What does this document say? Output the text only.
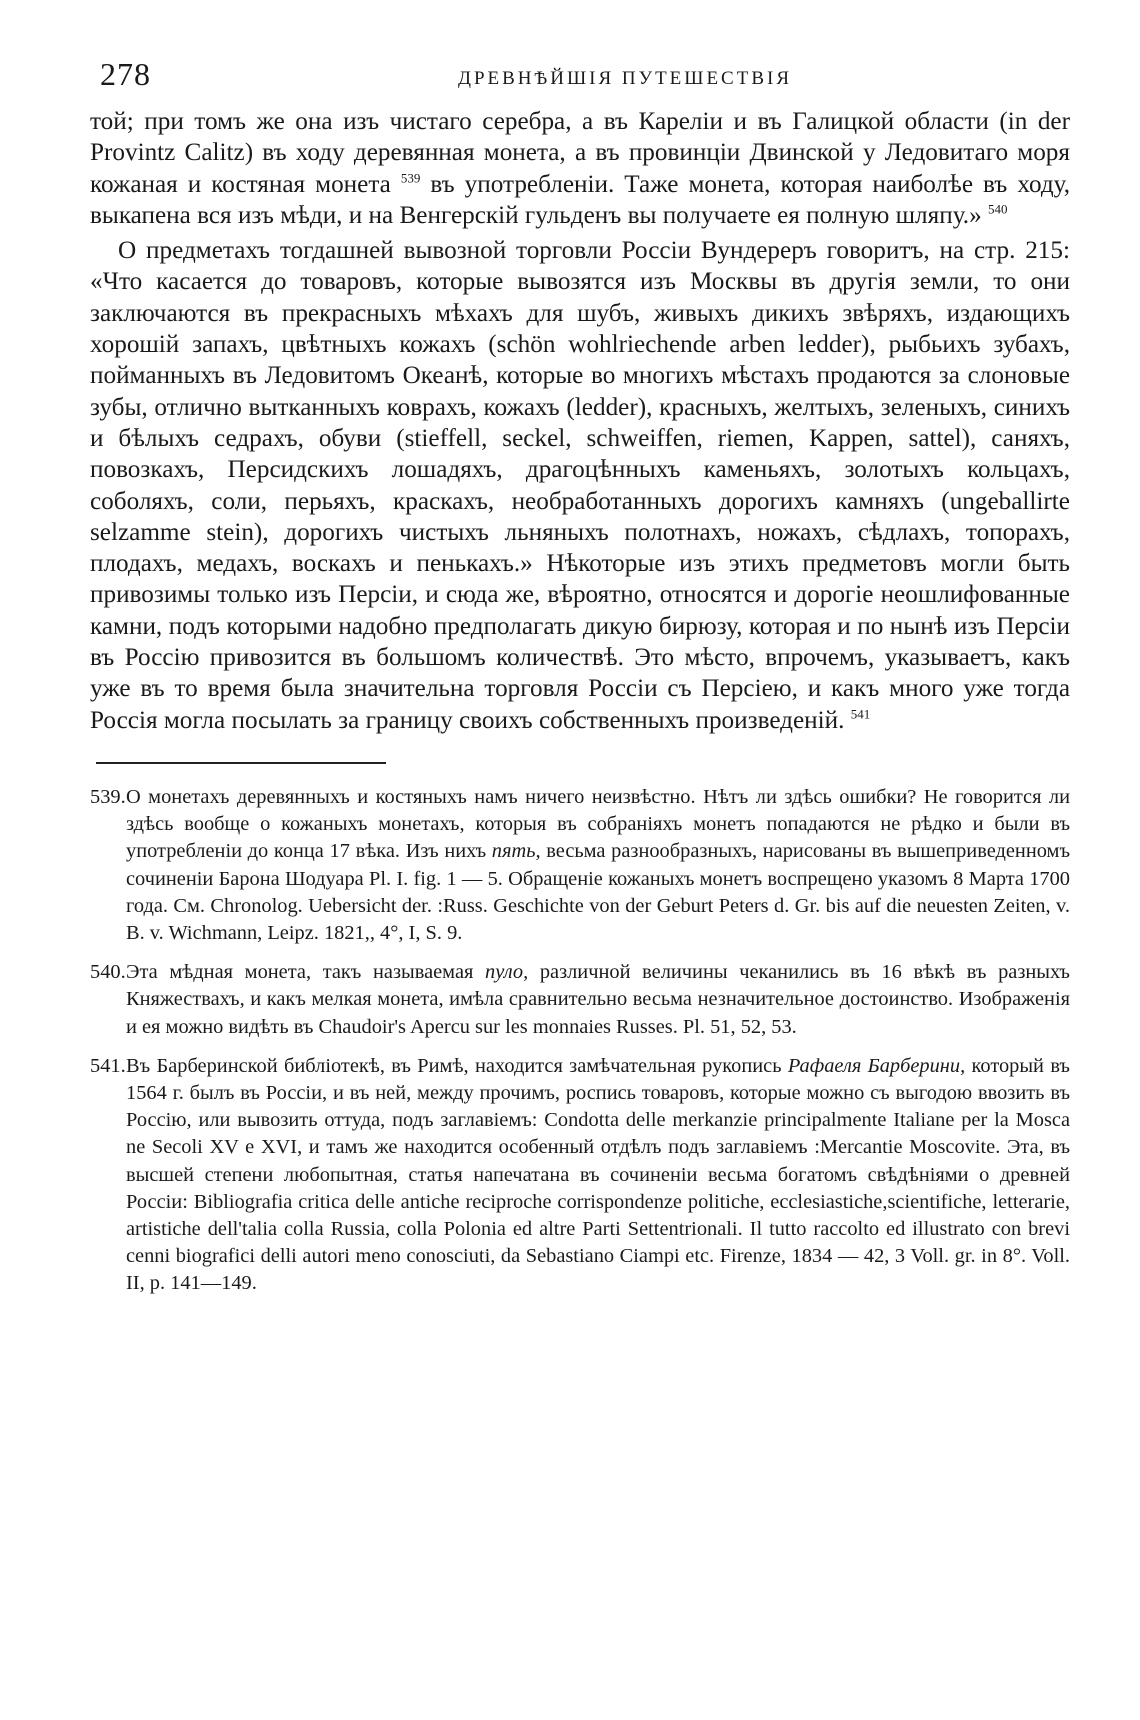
278	ДРЕВНѢЙШІЯ ПУТЕШЕСТВІЯ

той; при томъ же она изъ чистаго серебра, а въ Кареліи и въ Галицкой области (in der Provintz Calitz) въ ходу деревянная монета, а въ провинціи Двинской у Ледовитаго моря кожаная и костяная монета $^{539}$ въ употребленіи. Таже монета, которая наиболѣе въ ходу, выкапена вся изъ мѣди, и на Венгерскій гульденъ вы получаете ея полную шляпу.» $^{540}$

О предметахъ тогдашней вывозной торговли Россіи Вундереръ говоритъ, на стр. 215: «Что касается до товаровъ, которые вывозятся изъ Москвы въ другія земли, то они заключаются въ прекрасныхъ мѣхахъ для шубъ, живыхъ дикихъ звѣряхъ, издающихъ хорошій запахъ, цвѣтныхъ кожахъ (schön wohlriechende arben ledder), рыбьихъ зубахъ, пойманныхъ въ Ледовитомъ Океанѣ, которые во многихъ мѣстахъ продаются за слоновые зубы, отлично вытканныхъ коврахъ, кожахъ (ledder), красныхъ, желтыхъ, зеленыхъ, синихъ и бѣлыхъ седрахъ, обуви (stieffell, seckel, schweiffen, riemen, Kappen, sattel), саняхъ, повозкахъ, Персидскихъ лошадяхъ, драгоцѣнныхъ каменьяхъ, золотыхъ кольцахъ, соболяхъ, соли, перьяхъ, краскахъ, необработанныхъ дорогихъ камняхъ (ungeballirte selzamme stein), дорогихъ чистыхъ льняныхъ полотнахъ, ножахъ, сѣдлахъ, топорахъ, плодахъ, медахъ, воскахъ и пенькахъ.» Нѣкоторые изъ этихъ предметовъ могли быть привозимы только изъ Персіи, и сюда же, вѣроятно, относятся и дорогіе неошлифованные камни, подъ которыми надобно предполагать дикую бирюзу, которая и по нынѣ изъ Персіи въ Россію привозится въ большомъ количествѣ. Это мѣсто, впрочемъ, указываетъ, какъ уже въ то время была значительна торговля Россіи съ Персіею, и какъ много уже тогда Россія могла посылать за границу своихъ собственныхъ произведеній. $^{541}$

539. О монетахъ деревянныхъ и костяныхъ намъ ничего неизвѣстно. Нѣтъ ли здѣсь ошибки? Не говорится ли здѣсь вообще о кожаныхъ монетахъ, которыя въ собраніяхъ монетъ попадаются не рѣдко и были въ употребленіи до конца 17 вѣка. Изъ нихъ пять, весьма разнообразныхъ, нарисованы въ вышеприведенномъ сочиненіи Барона Шодуара Pl. I. fig. 1 — 5. Обращеніе кожаныхъ монетъ воспрещено указомъ 8 Марта 1700 года. См. Chronolog. Uebersicht der. :Russ. Geschichte von der Geburt Peters d. Gr. bis auf die neuesten Zeiten, v. B. v. Wichmann, Leipz. 1821,, 4°, I, S. 9.
540. Эта мѣдная монета, такъ называемая пуло, различной величины чеканились въ 16 вѣкѣ въ разныхъ Княжествахъ, и какъ мелкая монета, имѣла сравнительно весьма незначительное достоинство. Изображенія и ея можно видѣть въ Chaudoir's Apercu sur les monnaies Russes. Pl. 51, 52, 53.
541. Въ Барберинской библіотекѣ, въ Римѣ, находится замѣчательная рукопись Рафаеля Барберини, который въ 1564 г. былъ въ Россіи, и въ ней, между прочимъ, роспись товаровъ, которые можно съ выгодою ввозить въ Россію, или вывозить оттуда, подъ заглавіемъ: Condotta delle merkanzie principalmente Italiane per la Mosca ne Secoli XV e XVI, и тамъ же находится особенный отдѣлъ подъ заглавіемъ :Mercantie Moscovite. Эта, въ высшей степени любопытная, статья напечатана въ сочиненіи весьма богатомъ свѣдѣніями о древней Россіи: Bibliografia critica delle antiche reciproche corrispondenze politiche, ecclesiastiche,scientifiche, letterarie, artistiche dell'talia colla Russia, colla Polonia ed altre Parti Settentrionali. Il tutto raccolto ed illustrato con brevi cenni biografici delli autori meno conosciuti, da Sebastiano Ciampi etc. Firenze, 1834 — 42, 3 Voll. gr. in 8°. Voll. II, p. 141—149.
